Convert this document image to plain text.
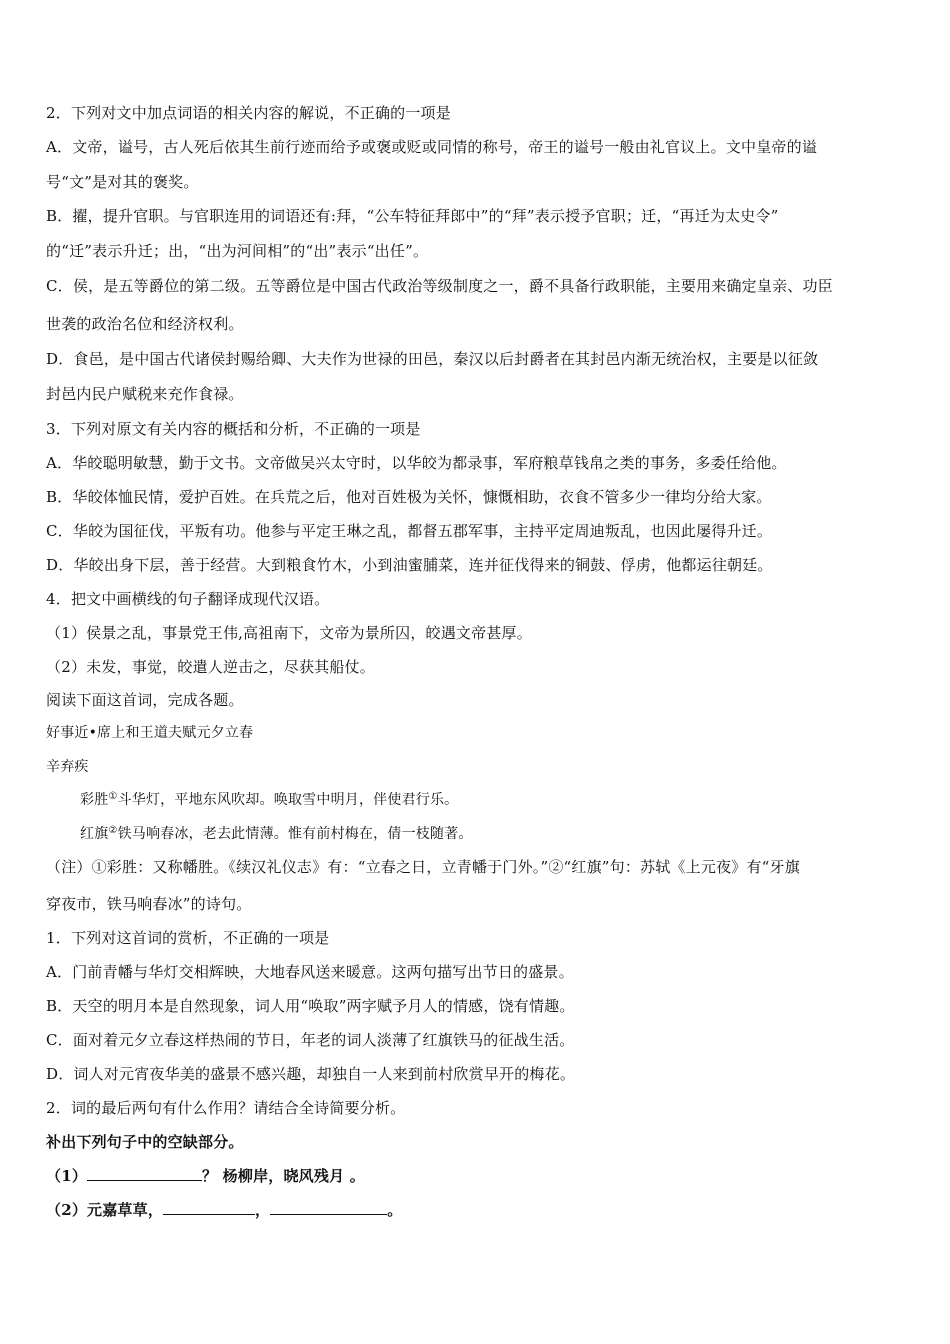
2．下列对文中加点词语的相关内容的解说，不正确的一项是
A．文帝，谥号，古人死后依其生前行迹而给予或褒或贬或同情的称号，帝王的谥号一般由礼官议上。文中皇帝的谥
号“文”是对其的褒奖。
B．擢，提升官职。与官职连用的词语还有:拜，“公车特征拜郎中”的“拜”表示授予官职；迁，“再迁为太史令”
的“迁”表示升迁；出，“出为河间相”的“出”表示“出任”。
C．侯，是五等爵位的第二级。五等爵位是中国古代政治等级制度之一，爵不具备行政职能，主要用来确定皇亲、功臣
世袭的政治名位和经济权利。
D．食邑，是中国古代诸侯封赐给卿、大夫作为世禄的田邑，秦汉以后封爵者在其封邑内渐无统治权，主要是以征敛
封邑内民户赋税来充作食禄。
3．下列对原文有关内容的概括和分析，不正确的一项是
A．华皎聪明敏慧，勤于文书。文帝做吴兴太守时，以华皎为都录事，军府粮草钱帛之类的事务，多委任给他。
B．华皎体恤民情，爱护百姓。在兵荒之后，他对百姓极为关怀，慷慨相助，衣食不管多少一律均分给大家。
C．华皎为国征伐，平叛有功。他参与平定王琳之乱，都督五郡军事，主持平定周迪叛乱，也因此屡得升迁。
D．华皎出身下层，善于经营。大到粮食竹木，小到油蜜脯菜，连并征伐得来的铜鼓、俘虏，他都运往朝廷。
4．把文中画横线的句子翻译成现代汉语。
（1）侯景之乱，事景党王伟,高祖南下，文帝为景所囚，皎遇文帝甚厚。
（2）未发，事觉，皎遣人逆击之，尽获其船仗。
阅读下面这首词，完成各题。
好事近•席上和王道夫赋元夕立春
辛弃疾
彩胜①斗华灯，平地东风吹却。唤取雪中明月，伴使君行乐。
红旗②铁马响春冰，老去此情薄。惟有前村梅在，倩一枝随著。
（注）①彩胜：又称幡胜。《续汉礼仪志》有：“立春之日，立青幡于门外。”②“红旗”句：苏轼《上元夜》有“牙旗
穿夜市，铁马响春冰”的诗句。
1．下列对这首词的赏析，不正确的一项是
A．门前青幡与华灯交相辉映，大地春风送来暖意。这两句描写出节日的盛景。
B．天空的明月本是自然现象，词人用“唤取”两字赋予月人的情感，饶有情趣。
C．面对着元夕立春这样热闹的节日，年老的词人淡薄了红旗铁马的征战生活。
D．词人对元宵夜华美的盛景不感兴趣，却独自一人来到前村欣赏早开的梅花。
2．词的最后两句有什么作用？请结合全诗简要分析。
补出下列句子中的空缺部分。
（1）	？ 杨柳岸，晓风残月 。
（2）元嘉草草，	，	。
